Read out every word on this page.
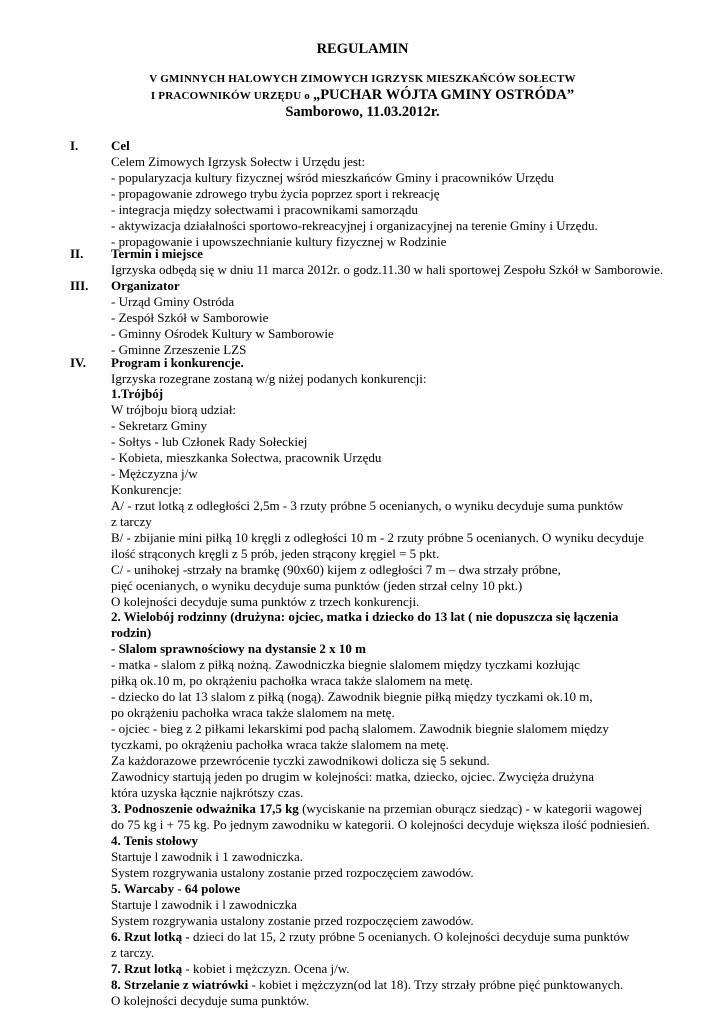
REGULAMIN
V GMINNYCH HALOWYCH ZIMOWYCH IGRZYSK MIESZKAŃCÓW SOŁECTW
I PRACOWNIKÓW URZĘDU o „PUCHAR WÓJTA GMINY OSTRÓDA”
Samborowo, 11.03.2012r.
I.	Cel
Celem Zimowych Igrzysk Sołectw i Urzędu jest:
- popularyzacja kultury fizycznej wśród mieszkańców Gminy i pracowników Urzędu
- propagowanie zdrowego trybu życia poprzez sport i rekreację
- integracja między sołectwami i pracownikami samorządu
- aktywizacja działalności sportowo-rekreacyjnej i organizacyjnej na terenie Gminy i Urzędu.
- propagowanie i upowszechnianie kultury fizycznej w Rodzinie
II. Termin i miejsce
Igrzyska odbędą się w dniu 11 marca 2012r. o godz.11.30 w hali sportowej Zespołu Szkół w Samborowie.
III. Organizator
- Urząd Gminy Ostróda
- Zespół Szkół w Samborowie
- Gminny Ośrodek Kultury w Samborowie
- Gminne Zrzeszenie LZS
IV. Program i konkurencje.
Igrzyska rozegrane zostaną w/g niżej podanych konkurencji:
1.Trójbój
W trójboju biorą udział:
- Sekretarz Gminy
- Sołtys - lub Członek Rady Sołeckiej
- Kobieta, mieszkanka Sołectwa, pracownik Urzędu
- Mężczyzna j/w
Konkurencje:
A/ - rzut lotką z odległości 2,5m - 3 rzuty próbne 5 ocenianych, o wyniku decyduje suma punktów
z tarczy
B/ - zbijanie mini piłką 10 kręgli z odległości 10 m - 2 rzuty próbne 5 ocenianych. O wyniku decyduje
ilość strąconych kręgli z 5 prób, jeden strącony kręgiel = 5 pkt.
C/ - unihokej -strzały na bramkę (90x60) kijem z odległości 7 m – dwa strzały próbne,
pięć ocenianych, o wyniku decyduje suma punktów (jeden strzał celny 10 pkt.)
O kolejności decyduje suma punktów z trzech konkurencji.
2. Wielobój rodzinny (drużyna: ojciec, matka i dziecko do 13 lat ( nie dopuszcza się łączenia
rodzin)
- Slalom sprawnościowy na dystansie 2 x 10 m
- matka - slalom z piłką nożną. Zawodniczka biegnie slalomem między tyczkami kozłując
piłką ok.10 m, po okrążeniu pachołka wraca także slalomem na metę.
- dziecko do lat 13 slalom z piłką (nogą). Zawodnik biegnie piłką między tyczkami ok.10 m,
po okrążeniu pachołka wraca także slalomem na metę.
- ojciec - bieg z 2 piłkami lekarskimi pod pachą slalomem. Zawodnik biegnie slalomem między
tyczkami, po okrążeniu pachołka wraca także slalomem na metę.
Za każdorazowe przewrócenie tyczki zawodnikowi dolicza się 5 sekund.
Zawodnicy startują jeden po drugim w kolejności: matka, dziecko, ojciec. Zwycięża drużyna
która uzyska łącznie najkrótszy czas.
3. Podnoszenie odważnika 17,5 kg (wyciskanie na przemian oburącz siedząc) - w kategorii wagowej
do 75 kg i + 75 kg. Po jednym zawodniku w kategorii. O kolejności decyduje większa ilość podniesień.
4. Tenis stołowy
Startuje l zawodnik i 1 zawodniczka.
System rozgrywania ustalony zostanie przed rozpoczęciem zawodów.
5. Warcaby - 64 polowe
Startuje l zawodnik i l zawodniczka
System rozgrywania ustalony zostanie przed rozpoczęciem zawodów.
6. Rzut lotką - dzieci do lat 15, 2 rzuty próbne 5 ocenianych. O kolejności decyduje suma punktów
z tarczy.
7. Rzut lotką - kobiet i mężczyzn. Ocena j/w.
8. Strzelanie z wiatrówki - kobiet i mężczyzn(od lat 18). Trzy strzały próbne pięć punktowanych.
O kolejności decyduje suma punktów.
